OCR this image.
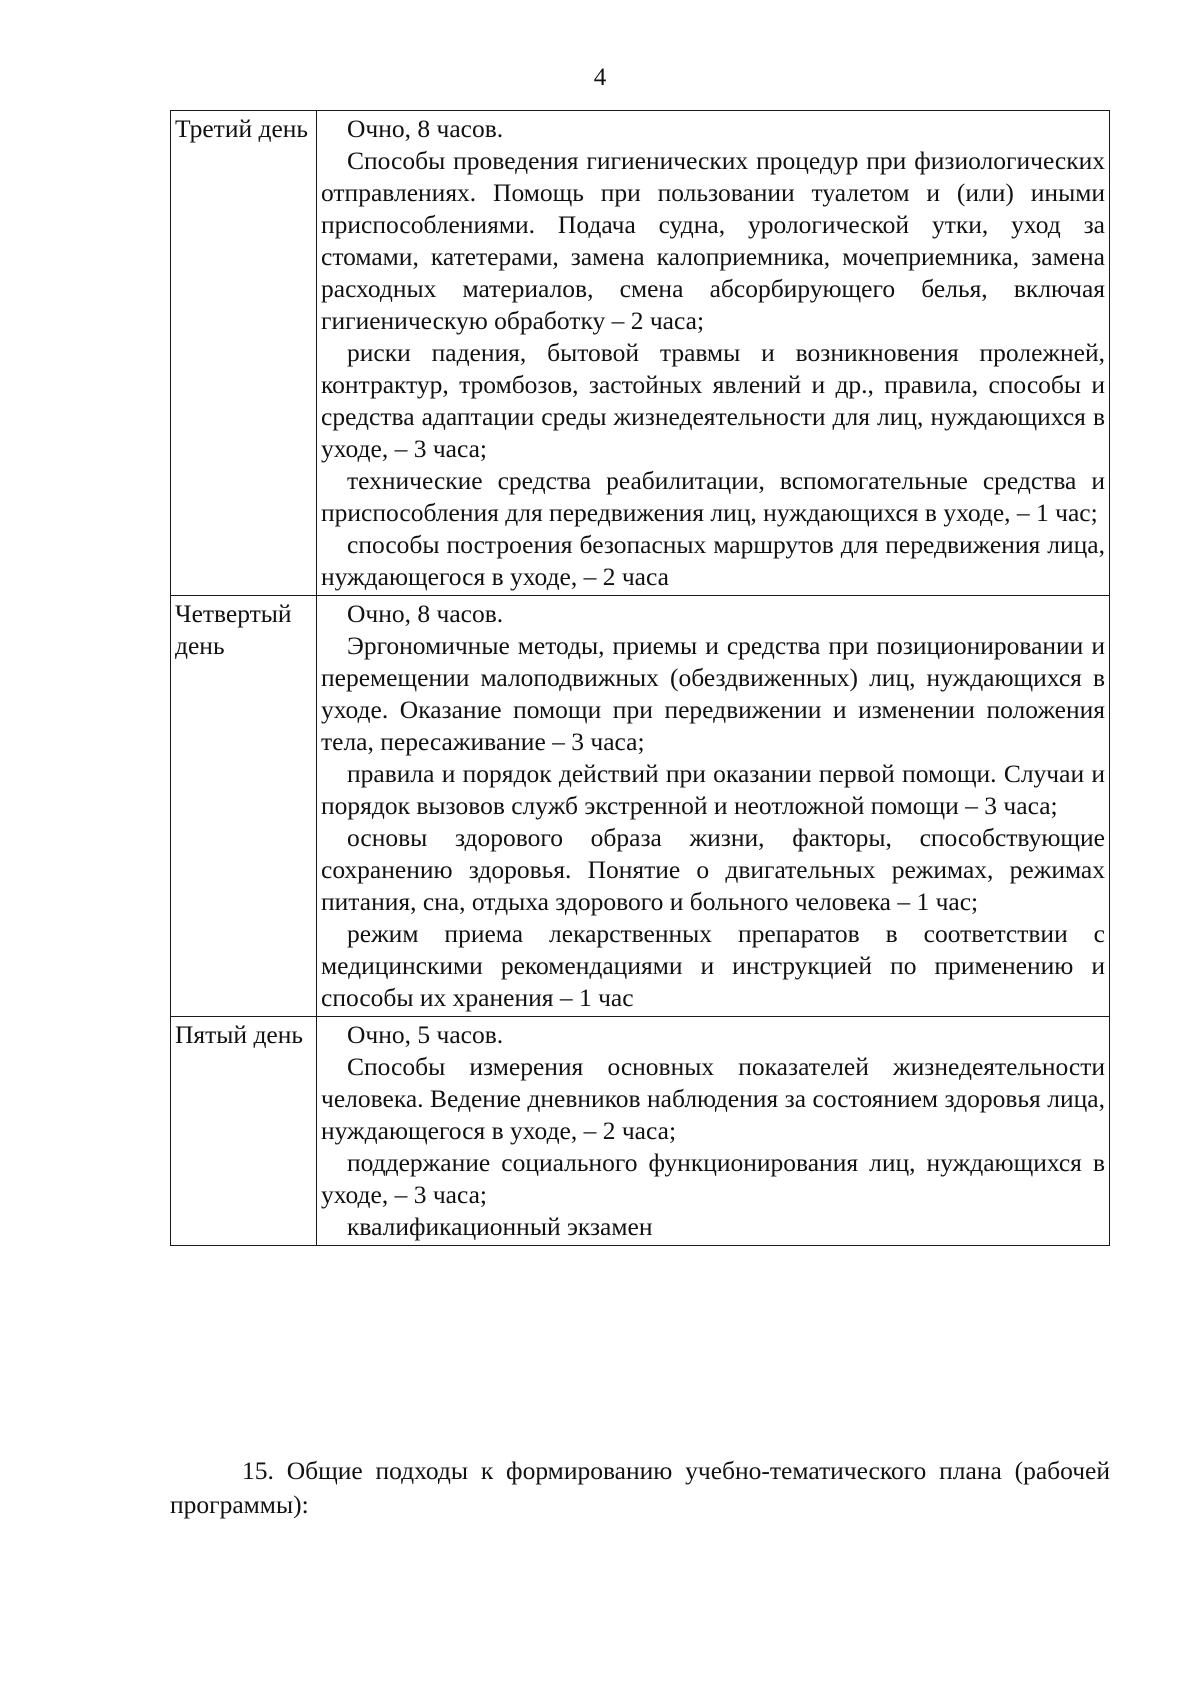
4
Третий день	Очно, 8 часов.

Способы проведения гигиенических процедур при физиологических отправлениях. Помощь при пользовании туалетом и (или) иными приспособлениями. Подача судна, урологической утки, уход за стомами, катетерами, замена калоприемника, мочеприемника, замена расходных материалов, смена абсорбирующего белья, включая гигиеническую обработку – 2 часа;

риски падения, бытовой травмы и возникновения пролежней, контрактур, тромбозов, застойных явлений и др., правила, способы и средства адаптации среды жизнедеятельности для лиц, нуждающихся в уходе, – 3 часа;

технические средства реабилитации, вспомогательные средства и приспособления для передвижения лиц, нуждающихся в уходе, – 1 час;

способы построения безопасных маршрутов для передвижения лица, нуждающегося в уходе, – 2 часа

Четвертый день	Очно, 8 часов.

Эргономичные методы, приемы и средства при позиционировании и перемещении малоподвижных (обездвиженных) лиц, нуждающихся в уходе. Оказание помощи при передвижении и изменении положения тела, пересаживание – 3 часа;

правила и порядок действий при оказании первой помощи. Случаи и порядок вызовов служб экстренной и неотложной помощи – 3 часа;

основы здорового образа жизни, факторы, способствующие сохранению здоровья. Понятие о двигательных режимах, режимах питания, сна, отдыха здорового и больного человека – 1 час;

режим приема лекарственных препаратов в соответствии с медицинскими рекомендациями и инструкцией по применению и способы их хранения – 1 час

Пятый день	Очно, 5 часов.

Способы измерения основных показателей жизнедеятельности человека. Ведение дневников наблюдения за состоянием здоровья лица, нуждающегося в уходе, – 2 часа;

поддержание социального функционирования лиц, нуждающихся в уходе, – 3 часа;

квалификационный экзамен

15. Общие подходы к формированию учебно-тематического плана (рабочей программы):
